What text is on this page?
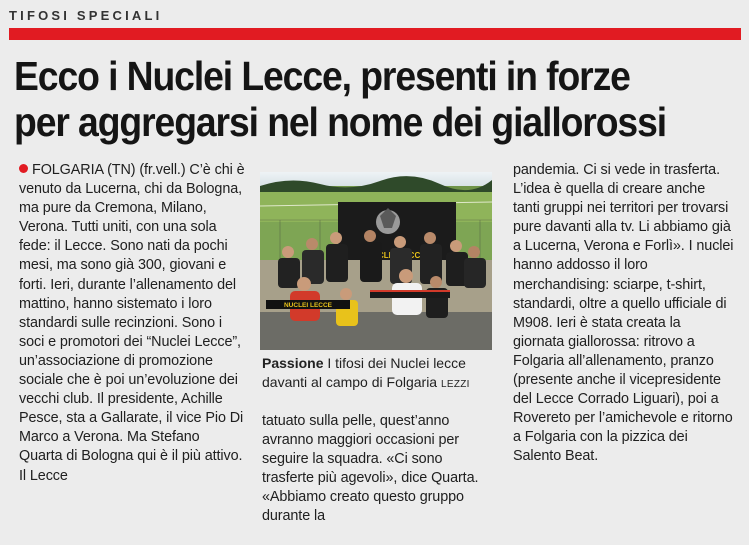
TIFOSI SPECIALI
Ecco i Nuclei Lecce, presenti in forze
per aggregarsi nel nome dei giallorossi

FOLGARIA (TN) (fr.vell.) C’è chi è venuto da Lucerna, chi da Bologna, ma pure da Cremona, Milano, Verona. Tutti uniti, con una sola fede: il Lecce. Sono nati da pochi mesi, ma sono già 300, giovani e forti. Ieri, durante l’allenamento del mattino, hanno sistemato i loro standardi sulle recinzioni. Sono i soci e promotori dei “Nuclei Lecce”, un’associazione di promozione sociale che è poi un’evoluzione dei vecchi club. Il presidente, Achille Pesce, sta a Gallarate, il vice Pio Di Marco a Verona. Ma Stefano Quarta di Bologna qui è il più attivo. Il Lecce

NUCLEI LECCE
Passione I tifosi dei Nuclei lecce davanti al campo di Folgaria LEZZI

tatuato sulla pelle, quest’anno avranno maggiori occasioni per seguire la squadra. «Ci sono trasferte più agevoli», dice Quarta. «Abbiamo creato questo gruppo durante la

pandemia. Ci si vede in trasferta. L’idea è quella di creare anche tanti gruppi nei territori per trovarsi pure davanti alla tv. Li abbiamo già a Lucerna, Verona e Forlì». I nuclei hanno addosso il loro merchandising: sciarpe, t-shirt, standardi, oltre a quello ufficiale di M908. Ieri è stata creata la giornata giallorossa: ritrovo a Folgaria all’allenamento, pranzo (presente anche il vicepresidente del Lecce Corrado Liguari), poi a Rovereto per l’amichevole e ritorno a Folgaria con la pizzica dei Salento Beat.
